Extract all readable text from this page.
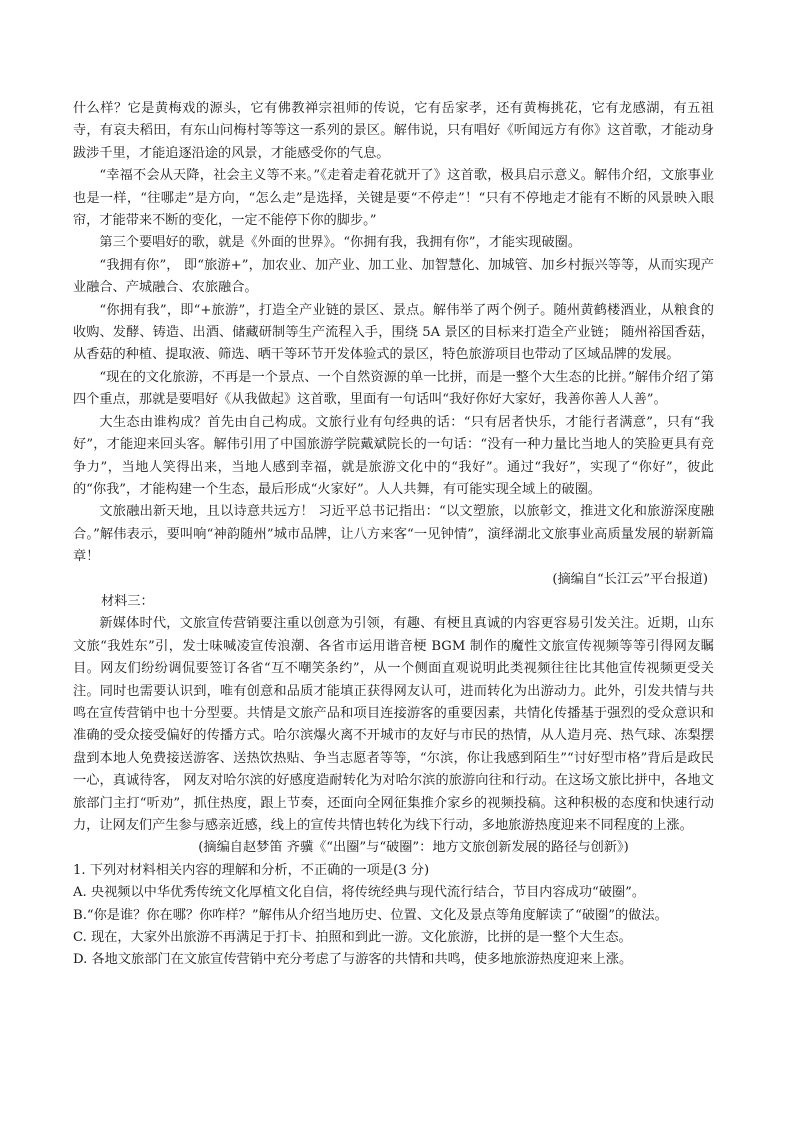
什么样？它是黄梅戏的源头，它有佛教禅宗祖师的传说，它有岳家孝，还有黄梅挑花，它有龙感湖，有五祖寺，有哀夫稻田，有东山问梅村等等这一系列的景区。解伟说，只有唱好《听闻远方有你》这首歌，才能动身跋涉千里，才能追逐沿途的风景，才能感受你的气息。

“幸福不会从天降，社会主义等不来。”《走着走着花就开了》这首歌，极具启示意义。解伟介绍，文旅事业也是一样，“往哪走”是方向，“怎么走”是选择，关键是要“不停走”！“只有不停地走才能有不断的风景映入眼帘，才能带来不断的变化，一定不能停下你的脚步。”

第三个要唱好的歌，就是《外面的世界》。“你拥有我，我拥有你”，才能实现破圈。

“我拥有你”， 即“旅游+”，加农业、加产业、加工业、加智慧化、加城管、加乡村振兴等等，从而实现产业融合、产城融合、农旅融合。

“你拥有我”，即“+旅游”，打造全产业链的景区、景点。解伟举了两个例子。随州黄鹤楼酒业，从粮食的收购、发酵、铸造、出酒、储藏研制等生产流程入手，围绕 5A 景区的目标来打造全产业链； 随州裕国香菇，从香菇的种植、提取液、筛选、晒干等环节开发体验式的景区，特色旅游项目也带动了区域品牌的发展。

“现在的文化旅游，不再是一个景点、一个自然资源的单一比拼，而是一整个大生态的比拼。”解伟介绍了第四个重点，那就是要唱好《从我做起》这首歌，里面有一句话叫“我好你好大家好，我善你善人人善”。

大生态由谁构成？首先由自己构成。文旅行业有句经典的话：“只有居者快乐，才能行者满意”，只有“我好”，才能迎来回头客。解伟引用了中国旅游学院戴斌院长的一句话：“没有一种力量比当地人的笑脸更具有竞争力”，当地人笑得出来，当地人感到幸福，就是旅游文化中的“我好”。通过“我好”，实现了“你好”，彼此的“你我”，才能构建一个生态，最后形成“火家好”。人人共舞，有可能实现全域上的破圈。

文旅融出新天地，且以诗意共远方！ 习近平总书记指出：“以文塑旅，以旅彰文，推进文化和旅游深度融合。”解伟表示，要叫响“神韵随州”城市品牌，让八方来客“一见钟情”，演绎湖北文旅事业高质量发展的崭新篇章！

(摘编自“长江云”平台报道)

材料三：

新媒体时代，文旅宣传营销要注重以创意为引领，有趣、有梗且真诚的内容更容易引发关注。近期，山东文旅“我姓东”引，发士味喊凌宣传浪潮、各省市运用谐音梗 BGM 制作的魔性文旅宣传视频等等引得网友瞩目。网友们纷纷调侃要签订各省“互不嘲笑条约”，从一个侧面直观说明此类视频往往比其他宣传视频更受关注。同时也需要认识到，唯有创意和品质才能填正获得网友认可，进而转化为出游动力。此外，引发共情与共鸣在宣传营销中也十分型要。共情是文旅产品和项目连接游客的重要因素，共情化传播基于强烈的受众意识和准确的受众接受偏好的传播方式。哈尔滨爆火离不开城市的友好与市民的热情，从人造月亮、热气球、冻梨摆盘到本地人免费接送游客、送热饮热贴、争当志愿者等等，“尔滨，你让我感到陌生”“讨好型市格”背后是政民一心，真诚待客， 网友对哈尔滨的好感度造耐转化为对哈尔滨的旅游向往和行动。在这场文旅比拼中，各地文旅部门主打“听劝”，抓住热度，跟上节奏，还面向全网征集推介家乡的视频投稿。这种积极的态度和快速行动力，让网友们产生参与感亲近感，线上的宣传共情也转化为线下行动，多地旅游热度迎来不同程度的上涨。

(摘编自赵梦笛 齐骥《“出圈”与“破圈”：地方文旅创新发展的路径与创新》)

1. 下列对材料相关内容的理解和分析，不正确的一项是(3 分)

A. 央视频以中华优秀传统文化厚植文化自信，将传统经典与现代流行结合，节目内容成功“破圈”。

B.“你是谁？你在哪？你咋样？”解伟从介绍当地历史、位置、文化及景点等角度解读了“破圈”的做法。

C. 现在，大家外出旅游不再满足于打卡、拍照和到此一游。文化旅游，比拼的是一整个大生态。

D. 各地文旅部门在文旅宣传营销中充分考虑了与游客的共情和共鸣，使多地旅游热度迎来上涨。
